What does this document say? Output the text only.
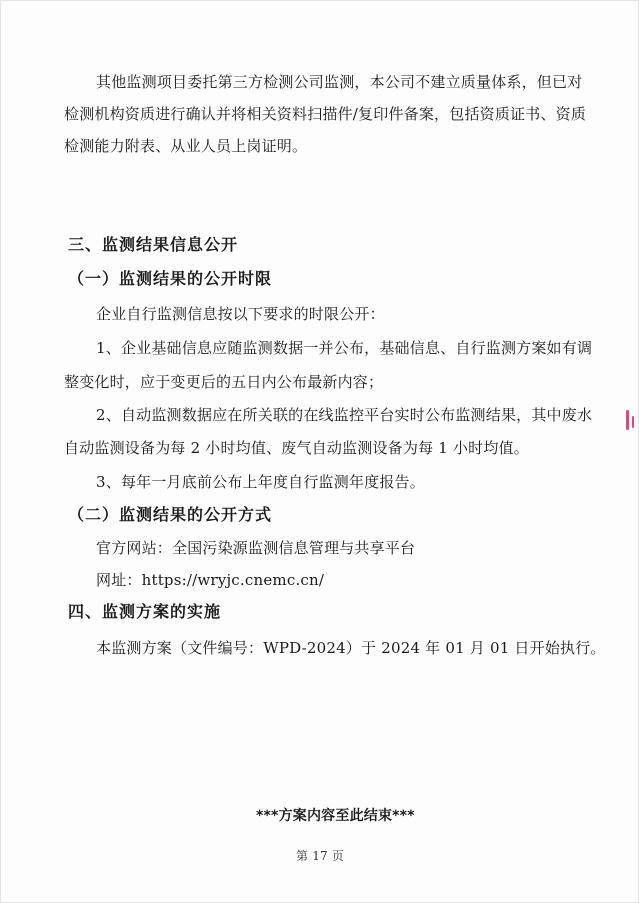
其他监测项目委托第三方检测公司监测，本公司不建立质量体系，但已对
检测机构资质进行确认并将相关资料扫描件/复印件备案，包括资质证书、资质
检测能力附表、从业人员上岗证明。
三、监测结果信息公开
（一）监测结果的公开时限
企业自行监测信息按以下要求的时限公开：
1、企业基础信息应随监测数据一并公布，基础信息、自行监测方案如有调
整变化时，应于变更后的五日内公布最新内容；
2、自动监测数据应在所关联的在线监控平台实时公布监测结果，其中废水
自动监测设备为每 2 小时均值、废气自动监测设备为每 1 小时均值。
3、每年一月底前公布上年度自行监测年度报告。
（二）监测结果的公开方式
官方网站：全国污染源监测信息管理与共享平台
网址：https://wryjc.cnemc.cn/
四、监测方案的实施
本监测方案（文件编号：WPD-2024）于 2024 年 01 月 01 日开始执行。
***方案内容至此结束***
第 17 页
